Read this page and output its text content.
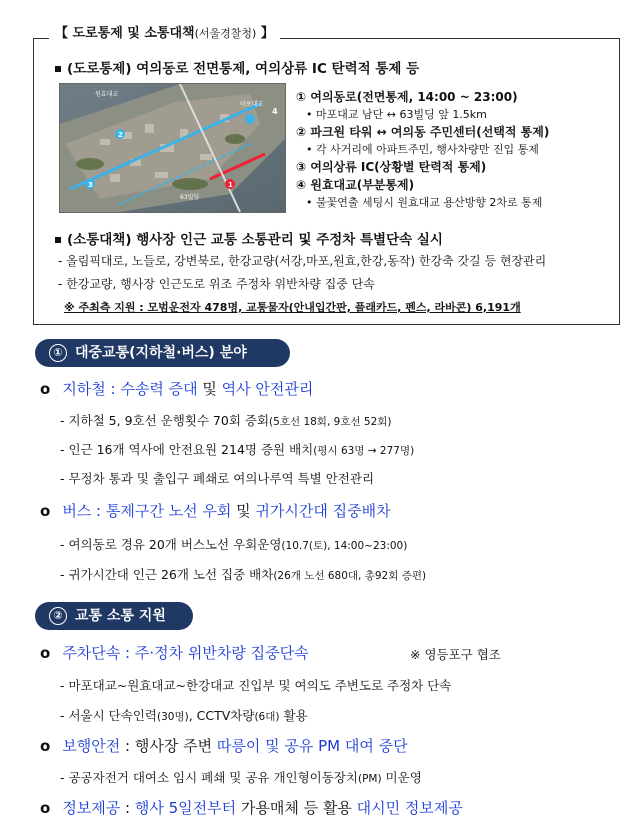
【 도로통제 및 소통대책(서울경찰청) 】
(도로통제) 여의동로 전면통제, 여의상류 IC 탄력적 통제 등
원효대교
마포대교
63빌딩
4
2
3	1
① 여의동로(전면통제, 14:00 ~ 23:00)
• 마포대교 남단 ↔ 63빌딩 앞 1.5km
② 파크원 타워 ↔ 여의동 주민센터(선택적 통제)
• 각 사거리에 아파트주민, 행사차량만 진입 통제
③ 여의상류 IC(상황별 탄력적 통제)
④ 원효대교(부분통제)
• 불꽃연출 세팅시 원효대교 용산방향 2차로 통제
(소통대책) 행사장 인근 교통 소통관리 및 주정차 특별단속 실시
- 올림픽대로, 노들로, 강변북로, 한강교량(서강,마포,원효,한강,동작) 한강축 갓길 등 현장관리
- 한강교량, 행사장 인근도로 위조 주정차 위반차량 집중 단속
※ 주최측 지원 : 모범운전자 478명, 교통물자(안내입간판, 플래카드, 펜스, 라바콘) 6,191개
① 대중교통(지하철·버스) 분야
o 지하철 : 수송력 증대 및 역사 안전관리
- 지하철 5, 9호선 운행횟수 70회 증회(5호선 18회, 9호선 52회)
- 인근 16개 역사에 안전요원 214명 증원 배치(평시 63명 → 277명)
- 무정차 통과 및 출입구 폐쇄로 여의나루역 특별 안전관리
o 버스 : 통제구간 노선 우회 및 귀가시간대 집중배차
- 여의동로 경유 20개 버스노선 우회운영(10.7(토), 14:00~23:00)
- 귀가시간대 인근 26개 노선 집중 배차(26개 노선 680대, 총92회 증편)
② 교통 소통 지원
o 주차단속 : 주·정차 위반차량 집중단속	※ 영등포구 협조
- 마포대교~원효대교~한강대교 진입부 및 여의도 주변도로 주정차 단속
- 서울시 단속인력(30명), CCTV차량(6대) 활용
o 보행안전 : 행사장 주변 따릉이 및 공유 PM 대여 중단
- 공공자전거 대여소 임시 폐쇄 및 공유 개인형이동장치(PM) 미운영
o 정보제공 : 행사 5일전부터 가용매체 등 활용 대시민 정보제공
